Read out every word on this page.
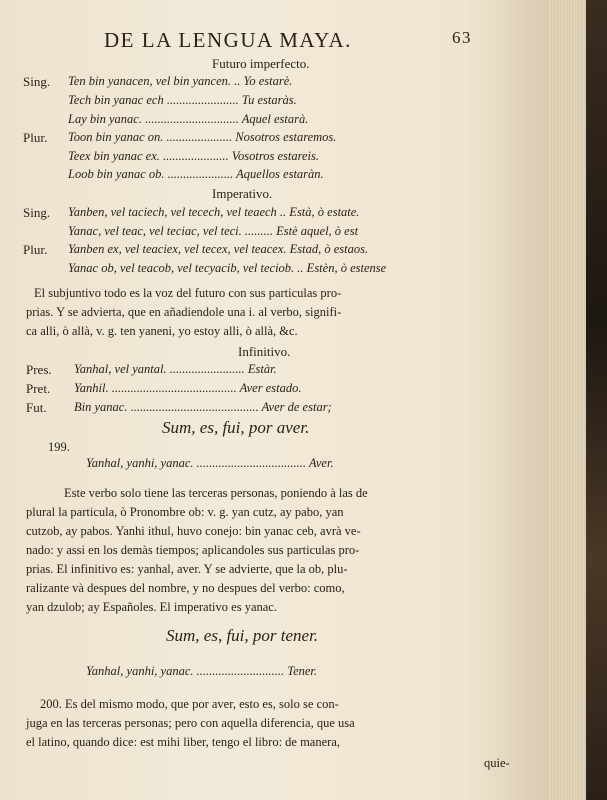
DE LA LENGUA MAYA.	63
Futuro imperfecto.
Sing. Ten bin yanacen, vel bin yancen. .. Yo estarè.
Tech bin yanac ech ....................... Tu estaràs.
Lay bin yanac. .............................. Aquel estarà.
Plur. Toon bin yanac on. ..................... Nosotros estaremos.
Teex bin yanac ex. ..................... Vosotros estareis.
Loob bin yanac ob. ..................... Aquellos estaràn.
Imperativo.
Sing. Yanben, vel taciech, vel tecech, vel teaech .. Està, ò estate.
Yanac, vel teac, vel teciac, vel teci. ......... Estè aquel, ò est
Plur. Yanben ex, vel teaciex, vel tecex, vel teacex. Estad, ò estaos.
Yanac ob, vel teacob, vel tecyacib, vel teciob. .. Estèn, ò estense
El subjuntivo todo es la voz del futuro con sus particulas pro-
prias. Y se advierta, que en añadiendole una i. al verbo, signifi-
ca alli, ò allà, v. g. ten yaneni, yo estoy alli, ò allà, &c.
Infinitivo.
Pres. Yanhal, vel yantal. ........................ Estàr.
Pret. Yanhil. ........................................ Aver estado.
Fut. Bin yanac. ......................................... Aver de estar;
Sum, es, fui, por aver.
199.
Yanhal, yanhi, yanac. ................................... Aver.
Este verbo solo tiene las terceras personas, poniendo à las de
plural la particula, ò Pronombre ob: v. g. yan cutz, ay pabo, yan
cutzob, ay pabos. Yanhi ithul, huvo conejo: bin yanac ceb, avrà ve-
nado: y assi en los demàs tiempos; aplicandoles sus particulas pro-
prias. El infinitivo es: yanhal, aver. Y se advierte, que la ob, plu-
ralizante và despues del nombre, y no despues del verbo: como,
yan dzulob; ay Españoles. El imperativo es yanac.
Sum, es, fui, por tener.
Yanhal, yanhi, yanac. ............................ Tener.
200. Es del mismo modo, que por aver, esto es, solo se con-
juga en las terceras personas; pero con aquella diferencia, que usa
el latino, quando dice: est mihi liber, tengo el libro: de manera,
quie-
